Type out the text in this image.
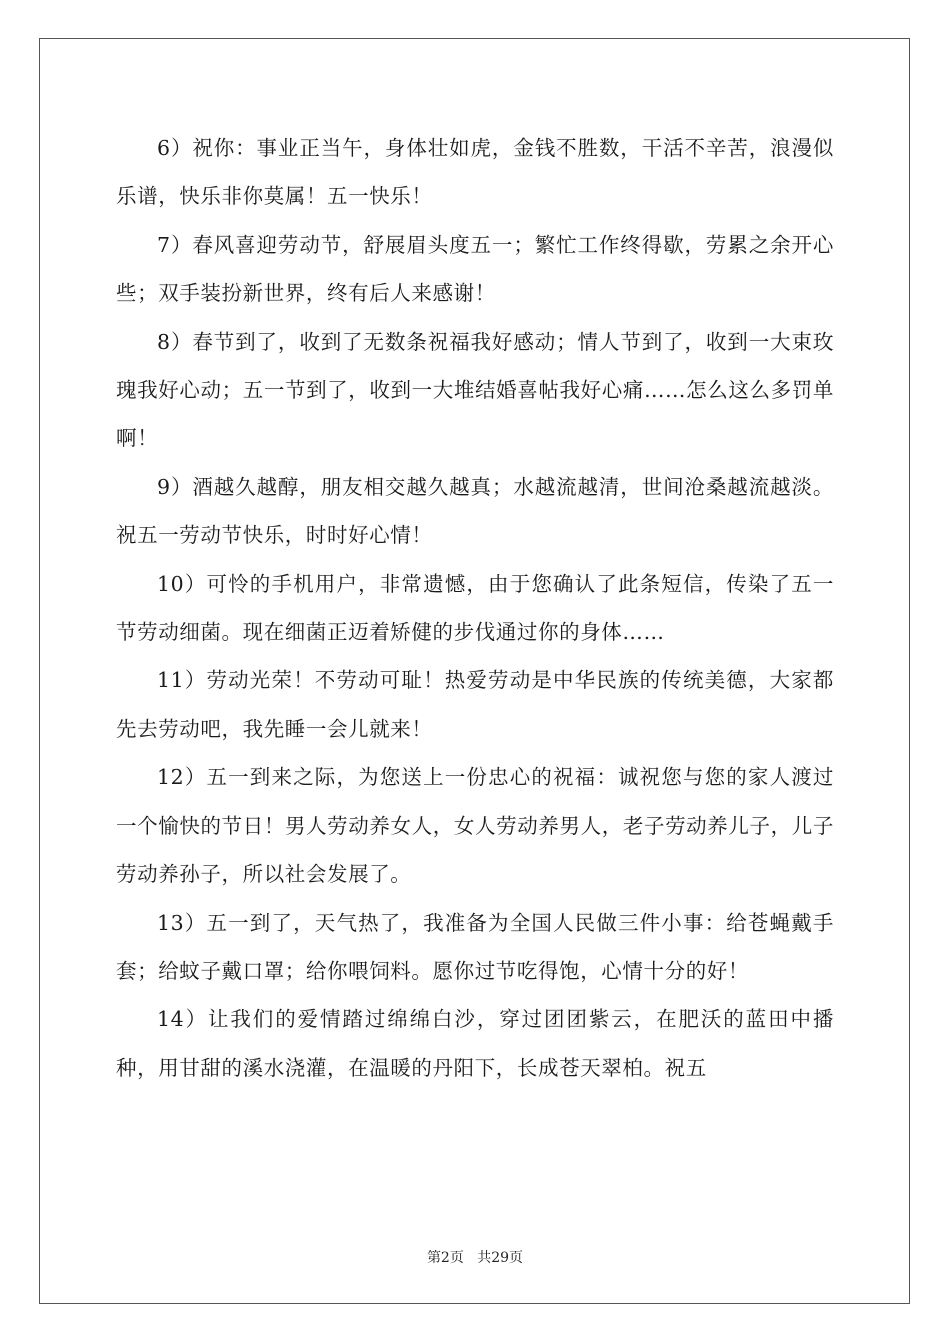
6）祝你：事业正当午，身体壮如虎，金钱不胜数，干活不辛苦，浪漫似乐谱，快乐非你莫属！五一快乐！

7）春风喜迎劳动节，舒展眉头度五一；繁忙工作终得歇，劳累之余开心些；双手装扮新世界，终有后人来感谢！

8）春节到了，收到了无数条祝福我好感动；情人节到了，收到一大束玫瑰我好心动；五一节到了，收到一大堆结婚喜帖我好心痛……怎么这么多罚单啊！

9）酒越久越醇，朋友相交越久越真；水越流越清，世间沧桑越流越淡。祝五一劳动节快乐，时时好心情！

10）可怜的手机用户，非常遗憾，由于您确认了此条短信，传染了五一节劳动细菌。现在细菌正迈着矫健的步伐通过你的身体……

11）劳动光荣！不劳动可耻！热爱劳动是中华民族的传统美德，大家都先去劳动吧，我先睡一会儿就来！

12）五一到来之际，为您送上一份忠心的祝福：诚祝您与您的家人渡过一个愉快的节日！男人劳动养女人，女人劳动养男人，老子劳动养儿子，儿子劳动养孙子，所以社会发展了。

13）五一到了，天气热了，我准备为全国人民做三件小事：给苍蝇戴手套；给蚊子戴口罩；给你喂饲料。愿你过节吃得饱，心情十分的好！

14）让我们的爱情踏过绵绵白沙，穿过团团紫云，在肥沃的蓝田中播种，用甘甜的溪水浇灌，在温暖的丹阳下，长成苍天翠柏。祝五

第2页 共29页
